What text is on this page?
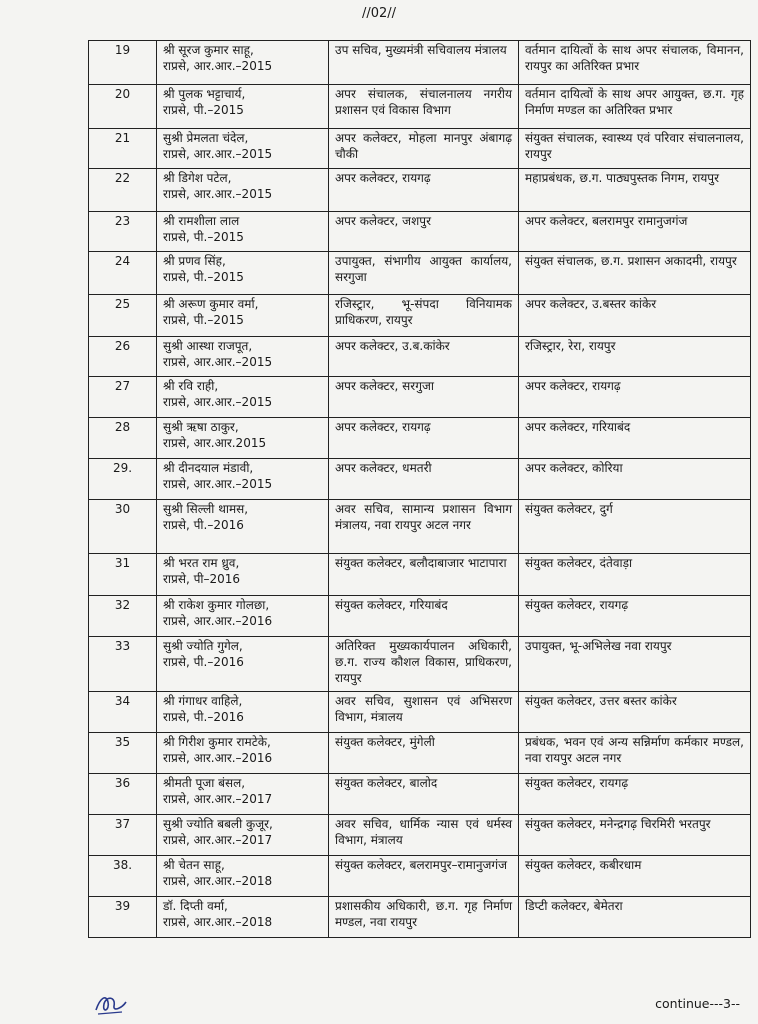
//02//
19	श्री सूरज कुमार साहू,
राप्रसे, आर.आर.–2015	उप सचिव, मुख्यमंत्री सचिवालय मंत्रालय	वर्तमान दायित्वों के साथ अपर संचालक, विमानन, रायपुर का अतिरिक्त प्रभार
20	श्री पुलक भट्टाचार्य,
राप्रसे, पी.–2015	अपर संचालक, संचालनालय नगरीय प्रशासन एवं विकास विभाग	वर्तमान दायित्वों के साथ अपर आयुक्त, छ.ग. गृह निर्माण मण्डल का अतिरिक्त प्रभार
21	सुश्री प्रेमलता चंदेल,
राप्रसे, आर.आर.–2015	अपर कलेक्टर, मोहला मानपुर अंबागढ़ चौकी	संयुक्त संचालक, स्वास्थ्य एवं परिवार संचालनालय, रायपुर
22	श्री डिगेश पटेल,
राप्रसे, आर.आर.–2015	अपर कलेक्टर, रायगढ़	महाप्रबंधक, छ.ग. पाठ्यपुस्तक निगम, रायपुर
23	श्री रामशीला लाल
राप्रसे, पी.–2015	अपर कलेक्टर, जशपुर	अपर कलेक्टर, बलरामपुर रामानुजगंज
24	श्री प्रणव सिंह,
राप्रसे, पी.–2015	उपायुक्त, संभागीय आयुक्त कार्यालय, सरगुजा	संयुक्त संचालक, छ.ग. प्रशासन अकादमी, रायपुर
25	श्री अरूण कुमार वर्मा,
राप्रसे, पी.–2015	रजिस्ट्रार, भू-संपदा विनियामक प्राधिकरण, रायपुर	अपर कलेक्टर, उ.बस्तर कांकेर
26	सुश्री आस्था राजपूत,
राप्रसे, आर.आर.–2015	अपर कलेक्टर, उ.ब.कांकेर	रजिस्ट्रार, रेरा, रायपुर
27	श्री रवि राही,
राप्रसे, आर.आर.–2015	अपर कलेक्टर, सरगुजा	अपर कलेक्टर, रायगढ़
28	सुश्री ऋषा ठाकुर,
राप्रसे, आर.आर.2015	अपर कलेक्टर, रायगढ़	अपर कलेक्टर, गरियाबंद
29.	श्री दीनदयाल मंडावी,
राप्रसे, आर.आर.–2015	अपर कलेक्टर, धमतरी	अपर कलेक्टर, कोरिया
30	सुश्री सिल्ली थामस,
राप्रसे, पी.–2016	अवर सचिव, सामान्य प्रशासन विभाग मंत्रालय, नवा रायपुर अटल नगर	संयुक्त कलेक्टर, दुर्ग
31	श्री भरत राम ध्रुव,
राप्रसे, पी–2016	संयुक्त कलेक्टर, बलौदाबाजार भाटापारा	संयुक्त कलेक्टर, दंतेवाड़ा
32	श्री राकेश कुमार गोलछा,
राप्रसे, आर.आर.–2016	संयुक्त कलेक्टर, गरियाबंद	संयुक्त कलेक्टर, रायगढ़
33	सुश्री ज्योति गुगेल,
राप्रसे, पी.–2016	अतिरिक्त मुख्यकार्यपालन अधिकारी, छ.ग. राज्य कौशल विकास, प्राधिकरण, रायपुर	उपायुक्त, भू-अभिलेख नवा रायपुर
34	श्री गंगाधर वाहिले,
राप्रसे, पी.–2016	अवर सचिव, सुशासन एवं अभिसरण विभाग, मंत्रालय	संयुक्त कलेक्टर, उत्तर बस्तर कांकेर
35	श्री गिरीश कुमार रामटेके,
राप्रसे, आर.आर.–2016	संयुक्त कलेक्टर, मुंगेली	प्रबंधक, भवन एवं अन्य सन्निर्माण कर्मकार मण्डल, नवा रायपुर अटल नगर
36	श्रीमती पूजा बंसल,
राप्रसे, आर.आर.–2017	संयुक्त कलेक्टर, बालोद	संयुक्त कलेक्टर, रायगढ़
37	सुश्री ज्योति बबली कुजूर,
राप्रसे, आर.आर.–2017	अवर सचिव, धार्मिक न्यास एवं धर्मस्व विभाग, मंत्रालय	संयुक्त कलेक्टर, मनेन्द्रगढ़ चिरमिरी भरतपुर
38.	श्री चेतन साहू,
राप्रसे, आर.आर.–2018	संयुक्त कलेक्टर, बलरामपुर–रामानुजगंज	संयुक्त कलेक्टर, कबीरधाम
39	डॉ. दिप्ती वर्मा,
राप्रसे, आर.आर.–2018	प्रशासकीय अधिकारी, छ.ग. गृह निर्माण मण्डल, नवा रायपुर	डिप्टी कलेक्टर, बेमेतरा
continue---3--
